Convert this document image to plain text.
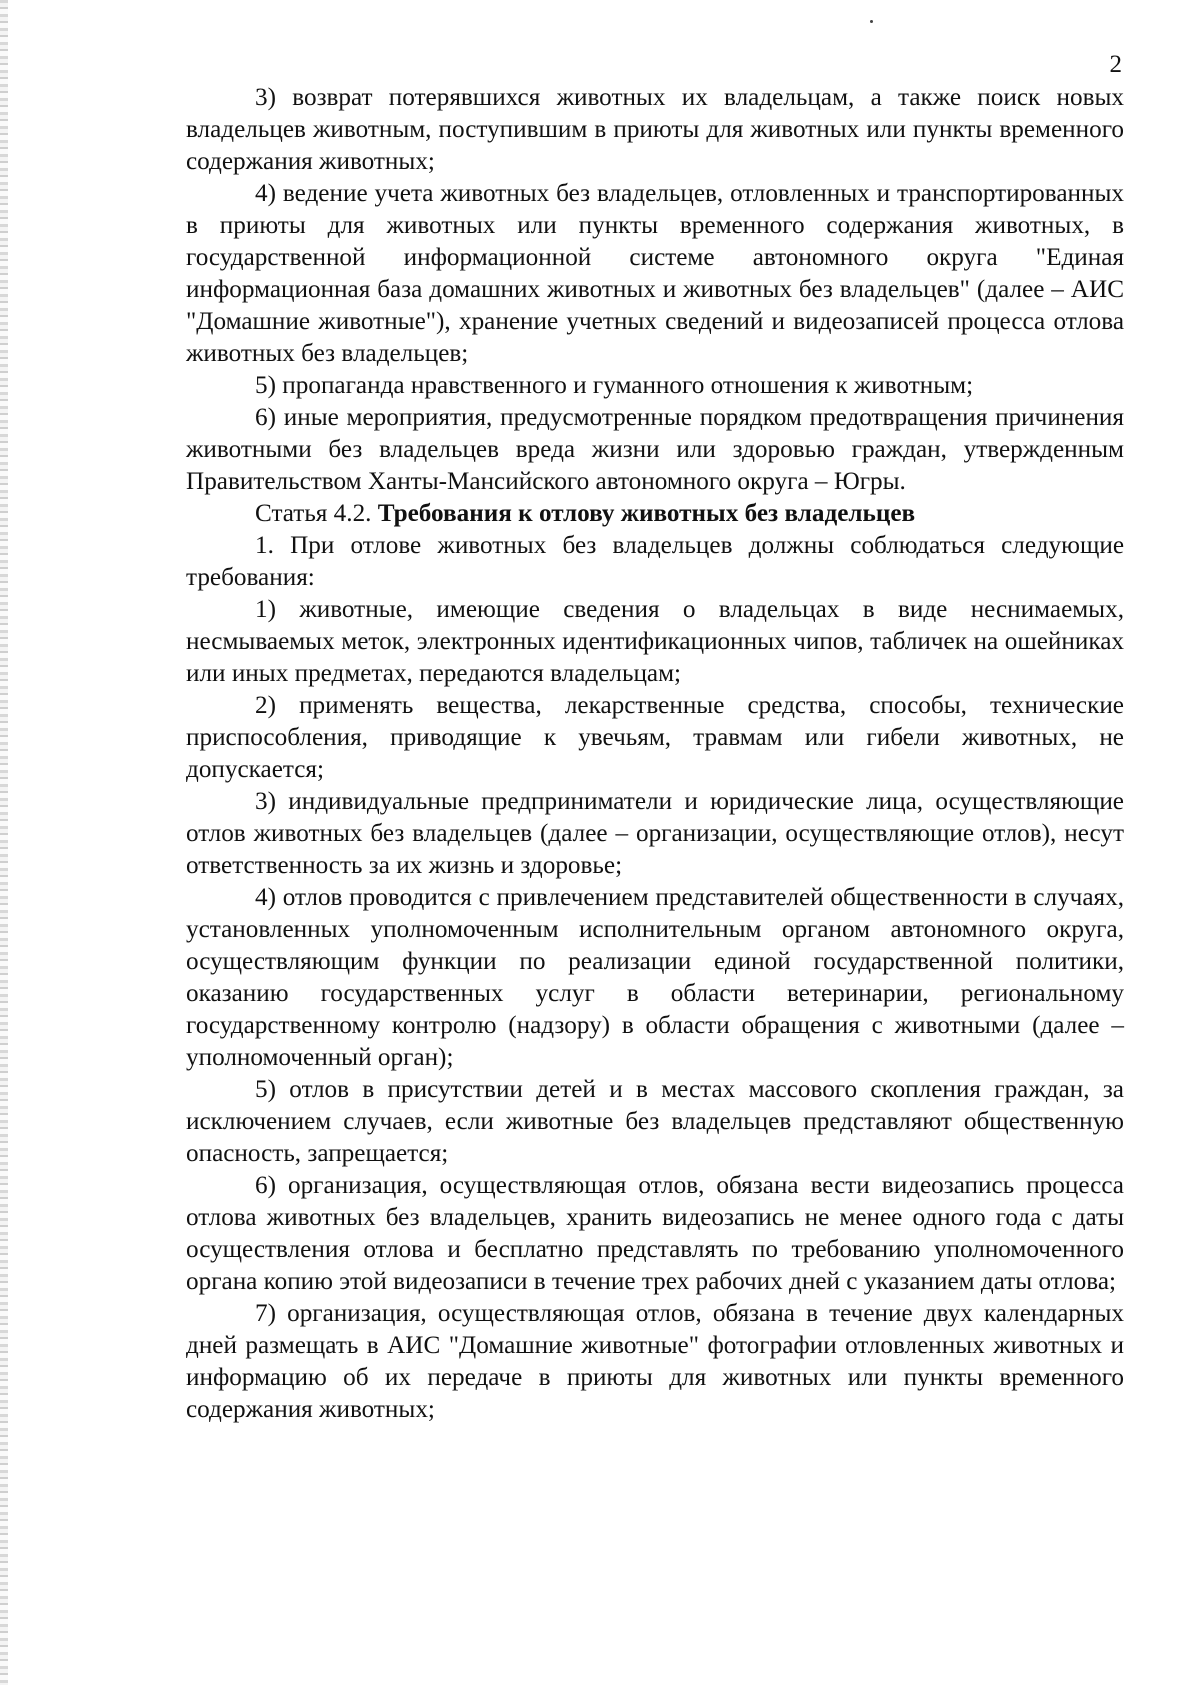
2

3) возврат потерявшихся животных их владельцам, а также поиск новых владельцев животным, поступившим в приюты для животных или пункты временного содержания животных;

4) ведение учета животных без владельцев, отловленных и транспортированных в приюты для животных или пункты временного содержания животных, в государственной информационной системе автономного округа "Единая информационная база домашних животных и животных без владельцев" (далее – АИС "Домашние животные"), хранение учетных сведений и видеозаписей процесса отлова животных без владельцев;

5) пропаганда нравственного и гуманного отношения к животным;

6) иные мероприятия, предусмотренные порядком предотвращения причинения животными без владельцев вреда жизни или здоровью граждан, утвержденным Правительством Ханты-Мансийского автономного округа – Югры.

Статья 4.2. Требования к отлову животных без владельцев

1. При отлове животных без владельцев должны соблюдаться следующие требования:

1) животные, имеющие сведения о владельцах в виде неснимаемых, несмываемых меток, электронных идентификационных чипов, табличек на ошейниках или иных предметах, передаются владельцам;

2) применять вещества, лекарственные средства, способы, технические приспособления, приводящие к увечьям, травмам или гибели животных, не допускается;

3) индивидуальные предприниматели и юридические лица, осуществляющие отлов животных без владельцев (далее – организации, осуществляющие отлов), несут ответственность за их жизнь и здоровье;

4) отлов проводится с привлечением представителей общественности в случаях, установленных уполномоченным исполнительным органом автономного округа, осуществляющим функции по реализации единой государственной политики, оказанию государственных услуг в области ветеринарии, региональному государственному контролю (надзору) в области обращения с животными (далее – уполномоченный орган);

5) отлов в присутствии детей и в местах массового скопления граждан, за исключением случаев, если животные без владельцев представляют общественную опасность, запрещается;

6) организация, осуществляющая отлов, обязана вести видеозапись процесса отлова животных без владельцев, хранить видеозапись не менее одного года с даты осуществления отлова и бесплатно представлять по требованию уполномоченного органа копию этой видеозаписи в течение трех рабочих дней с указанием даты отлова;

7) организация, осуществляющая отлов, обязана в течение двух календарных дней размещать в АИС "Домашние животные" фотографии отловленных животных и информацию об их передаче в приюты для животных или пункты временного содержания животных;
